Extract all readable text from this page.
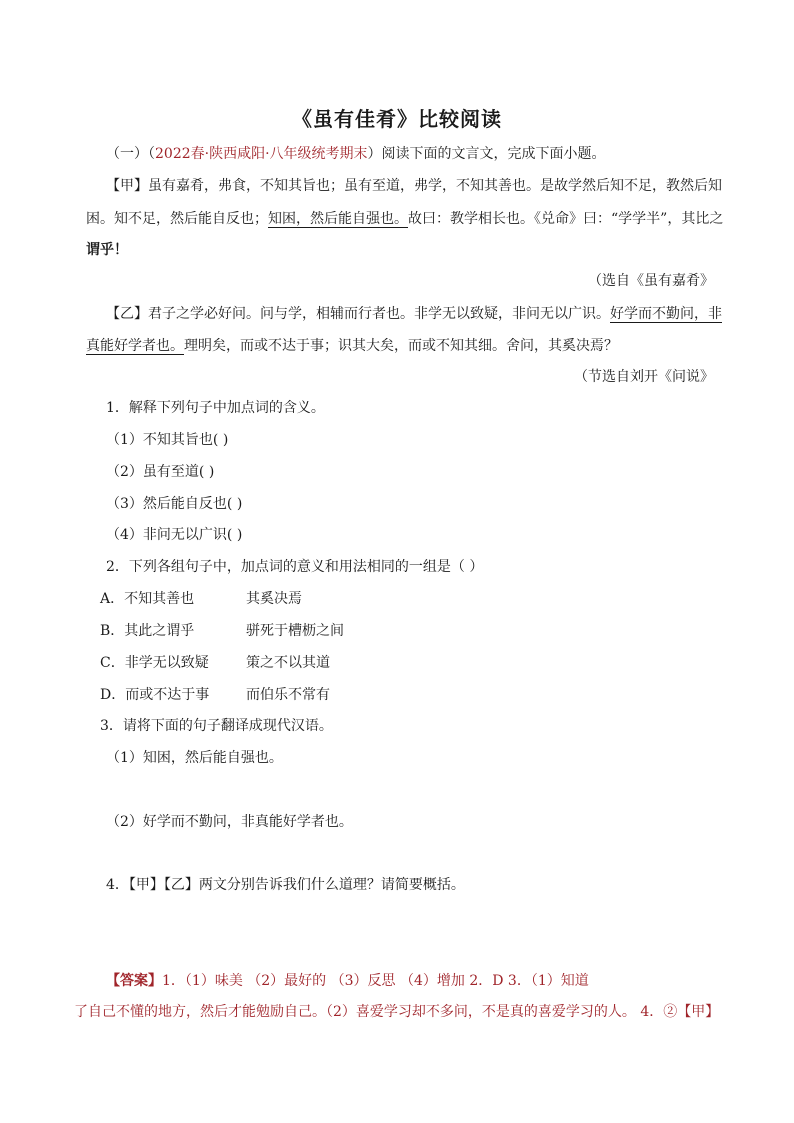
《虽有佳肴》比较阅读
（一）（2022春·陕西咸阳·八年级统考期末）阅读下面的文言文，完成下面小题。
【甲】虽有嘉肴，弗食，不知其旨也；虽有至道，弗学，不知其善也。是故学然后知不足，教然后知
困。知不足，然后能自反也；知困，然后能自强也。故曰：教学相长也。《兑命》曰：“学学半”，其比之
谓乎！
（选自《虽有嘉肴》
【乙】君子之学必好问。问与学，相辅而行者也。非学无以致疑，非问无以广识。好学而不勤问，非
真能好学者也。理明矣，而或不达于事；识其大矣，而或不知其细。舍问，其奚决焉？
（节选自刘开《问说》
1．解释下列句子中加点词的含义。
（1）不知其旨也( )
（2）虽有至道( )
（3）然后能自反也( )
（4）非问无以广识( )
2．下列各组句子中，加点词的意义和用法相同的一组是（ ）
A．不知其善也	其奚决焉
B．其此之谓乎	骈死于槽枥之间
C．非学无以致疑	策之不以其道
D．而或不达于事	而伯乐不常有
3．请将下面的句子翻译成现代汉语。
（1）知困，然后能自强也。
（2）好学而不勤问，非真能好学者也。
4．【甲】【乙】两文分别告诉我们什么道理？请简要概括。
【答案】1．（1）味美 （2）最好的 （3）反思 （4）增加 2．D 3．（1）知道
了自己不懂的地方，然后才能勉励自己。（2）喜爱学习却不多问，不是真的喜爱学习的人。 4．②【甲】
